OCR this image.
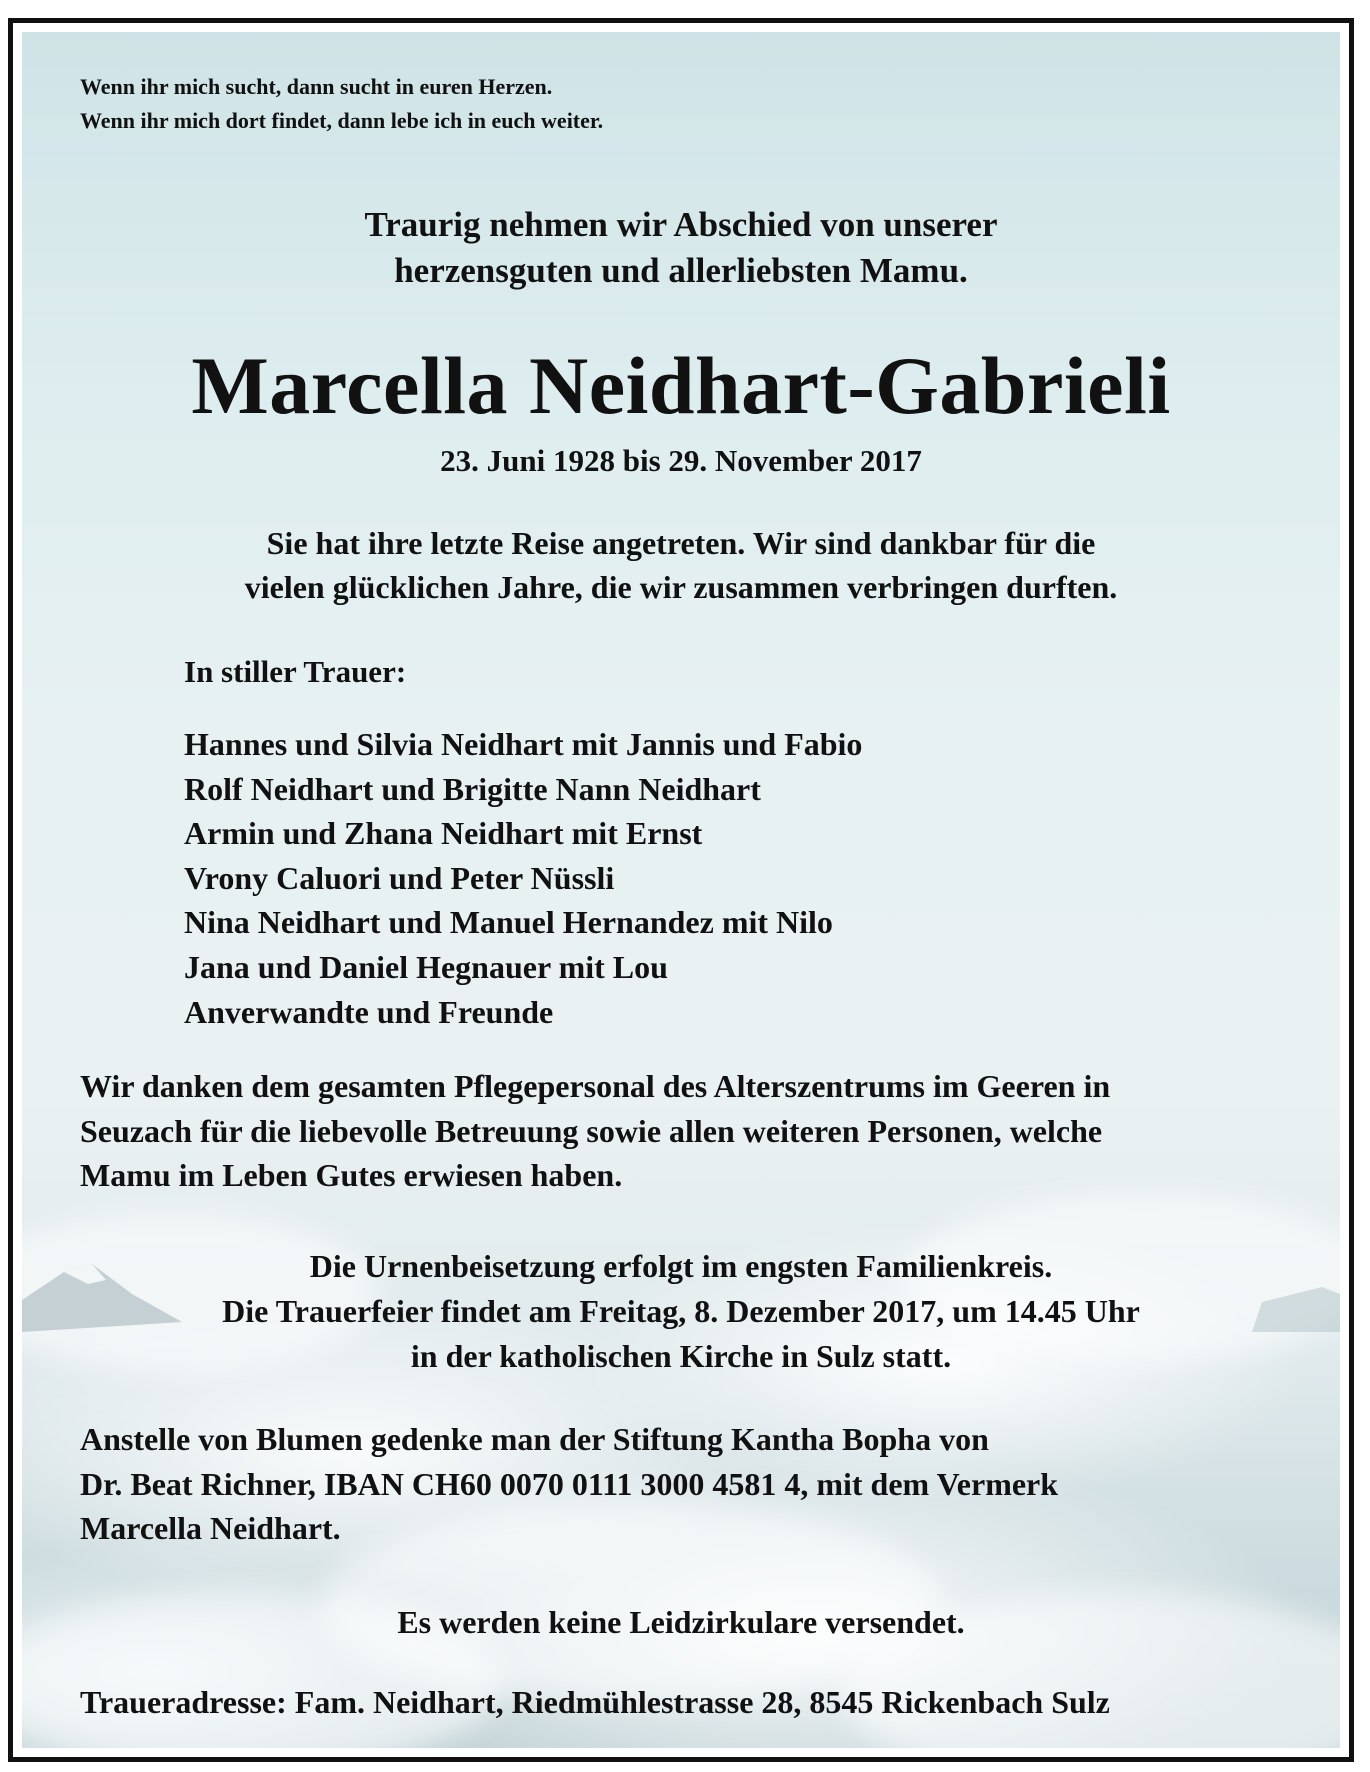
Wenn ihr mich sucht, dann sucht in euren Herzen.
Wenn ihr mich dort findet, dann lebe ich in euch weiter.
Traurig nehmen wir Abschied von unserer
herzensguten und allerliebsten Mamu.
Marcella Neidhart-Gabrieli
23. Juni 1928 bis 29. November 2017
Sie hat ihre letzte Reise angetreten. Wir sind dankbar für die
vielen glücklichen Jahre, die wir zusammen verbringen durften.
In stiller Trauer:
Hannes und Silvia Neidhart mit Jannis und Fabio
Rolf Neidhart und Brigitte Nann Neidhart
Armin und Zhana Neidhart mit Ernst
Vrony Caluori und Peter Nüssli
Nina Neidhart und Manuel Hernandez mit Nilo
Jana und Daniel Hegnauer mit Lou
Anverwandte und Freunde
Wir danken dem gesamten Pflegepersonal des Alterszentrums im Geeren in
Seuzach für die liebevolle Betreuung sowie allen weiteren Personen, welche
Mamu im Leben Gutes erwiesen haben.
Die Urnenbeisetzung erfolgt im engsten Familienkreis.
Die Trauerfeier findet am Freitag, 8. Dezember 2017, um 14.45 Uhr
in der katholischen Kirche in Sulz statt.
Anstelle von Blumen gedenke man der Stiftung Kantha Bopha von
Dr. Beat Richner, IBAN CH60 0070 0111 3000 4581 4, mit dem Vermerk
Marcella Neidhart.
Es werden keine Leidzirkulare versendet.
Traueradresse: Fam. Neidhart, Riedmühlestrasse 28, 8545 Rickenbach Sulz
